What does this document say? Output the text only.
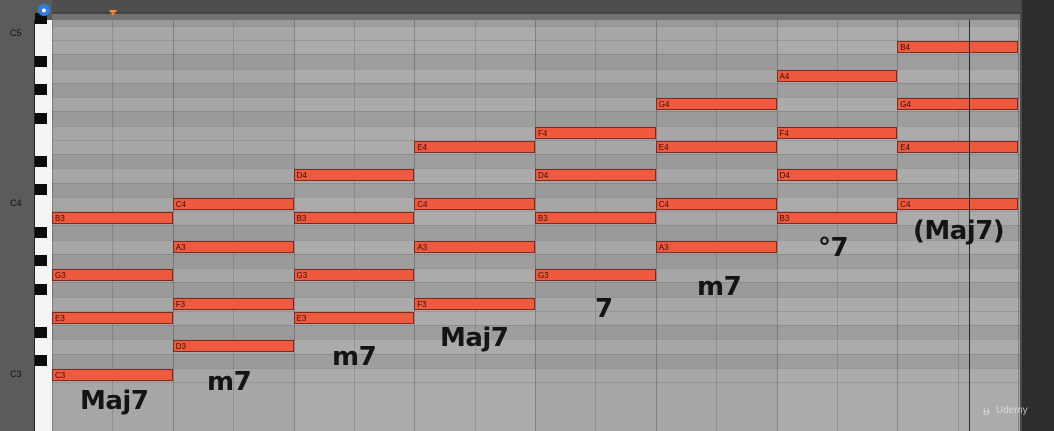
C5
C4
C3
●
C3
E3
G3
B3
D3
F3
A3
C4
E3
G3
B3
D4
F3
A3
C4
E4
G3
B3
D4
F4
A3
C4
E4
G4
B3
D4
F4
A4
C4
E4
G4
B4
ᵾ Udemy
Maj7
m7
m7
Maj7
7
m7
°7
(Maj7)
